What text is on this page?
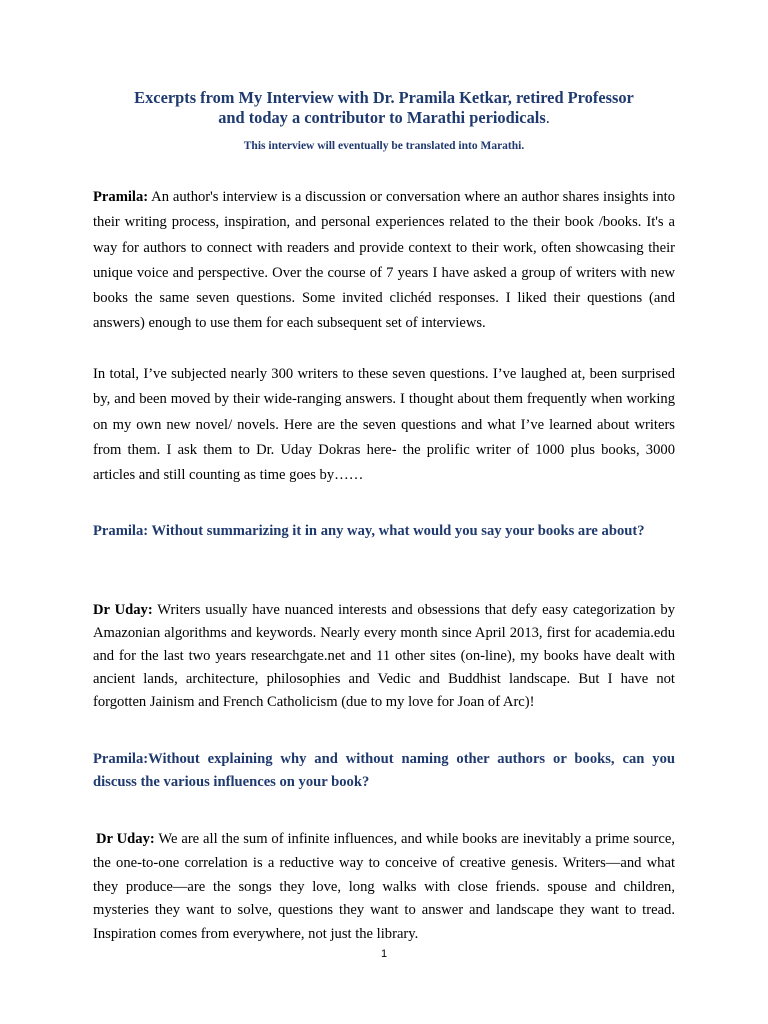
Excerpts from My Interview with Dr. Pramila Ketkar, retired Professor
and today a contributor to Marathi periodicals.
This interview will eventually be translated into Marathi.
Pramila: An author's interview is a discussion or conversation where an author shares insights into their writing process, inspiration, and personal experiences related to the their book /books. It's a way for authors to connect with readers and provide context to their work, often showcasing their unique voice and perspective. Over the course of 7 years I have asked a group of writers with new books the same seven questions. Some invited clichéd responses. I liked their questions (and answers) enough to use them for each subsequent set of interviews.
In total, I’ve subjected nearly 300 writers to these seven questions. I’ve laughed at, been surprised by, and been moved by their wide-ranging answers. I thought about them frequently when working on my own new novel/ novels. Here are the seven questions and what I’ve learned about writers from them. I ask them to Dr. Uday Dokras here- the prolific writer of 1000 plus books, 3000 articles and still counting as time goes by……
Pramila: Without summarizing it in any way, what would you say your books are about?
Dr Uday: Writers usually have nuanced interests and obsessions that defy easy categorization by Amazonian algorithms and keywords. Nearly every month since April 2013, first for academia.edu and for the last two years researchgate.net and 11 other sites (on-line), my books have dealt with ancient lands, architecture, philosophies and Vedic and Buddhist landscape. But I have not forgotten Jainism and French Catholicism (due to my love for Joan of Arc)!
Pramila:Without explaining why and without naming other authors or books, can you discuss the various influences on your book?
Dr Uday: We are all the sum of infinite influences, and while books are inevitably a prime source, the one-to-one correlation is a reductive way to conceive of creative genesis. Writers—and what they produce—are the songs they love, long walks with close friends. spouse and children, mysteries they want to solve, questions they want to answer and landscape they want to tread. Inspiration comes from everywhere, not just the library.
1
